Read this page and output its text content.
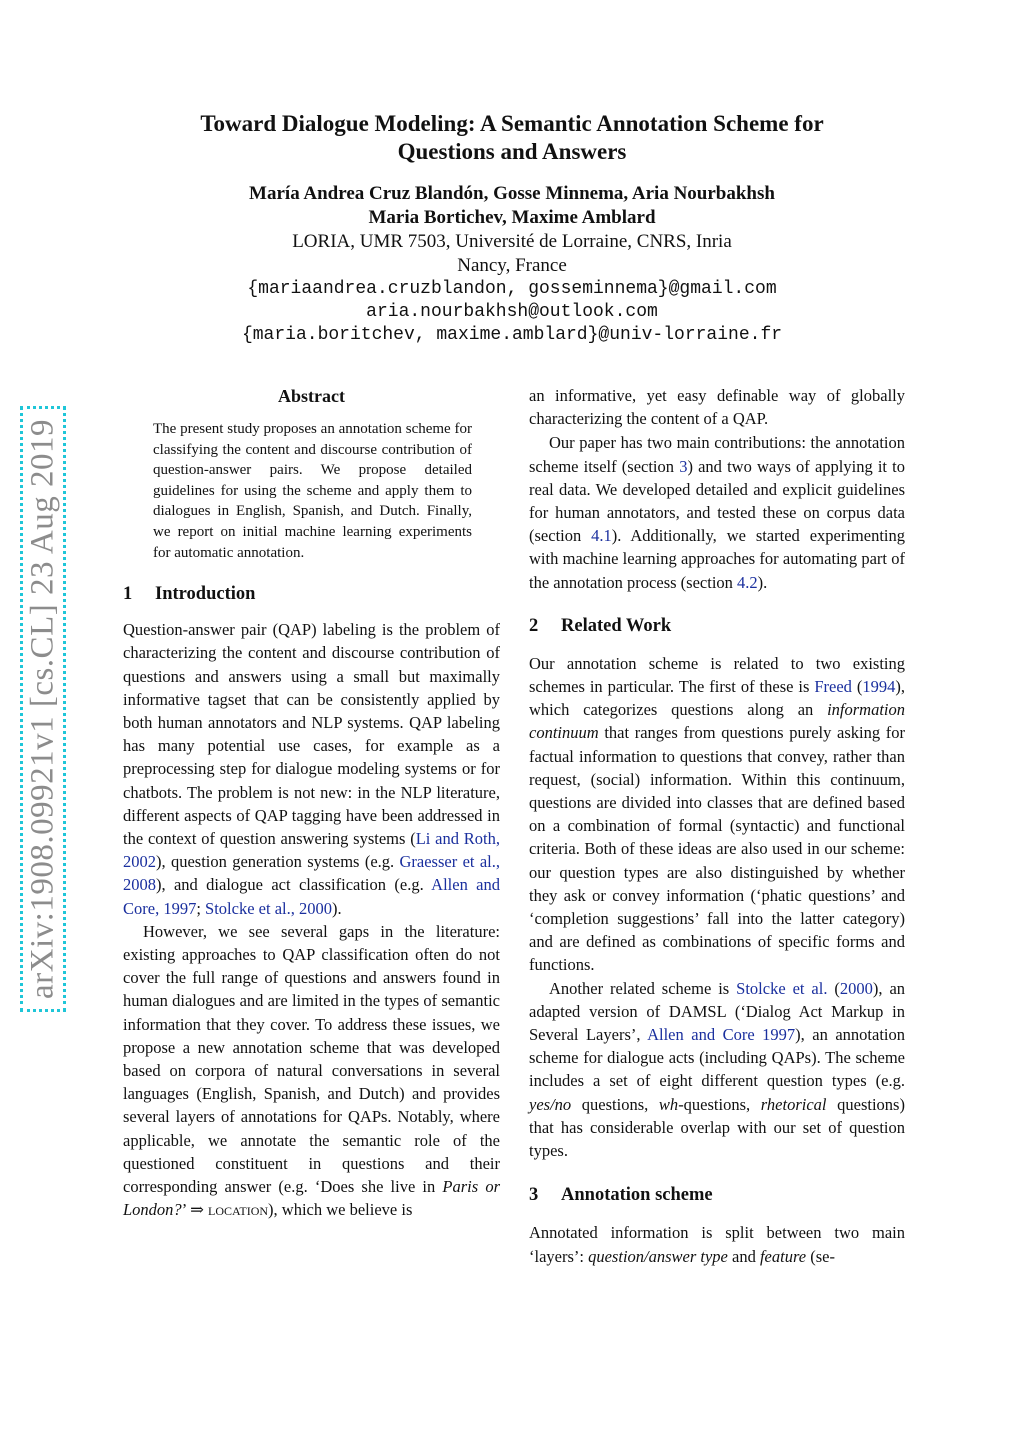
arXiv:1908.09921v1 [cs.CL] 23 Aug 2019
Toward Dialogue Modeling: A Semantic Annotation Scheme for
Questions and Answers
María Andrea Cruz Blandón, Gosse Minnema, Aria Nourbakhsh
Maria Bortichev, Maxime Amblard
LORIA, UMR 7503, Université de Lorraine, CNRS, Inria
Nancy, France
{mariaandrea.cruzblandon, gosseminnema}@gmail.com
aria.nourbakhsh@outlook.com
{maria.boritchev, maxime.amblard}@univ-lorraine.fr
Abstract

The present study proposes an annotation scheme for classifying the content and discourse contribution of question-answer pairs. We propose detailed guidelines for using the scheme and apply them to dialogues in English, Spanish, and Dutch. Finally, we report on initial machine learning experiments for automatic annotation.

1 Introduction

Question-answer pair (QAP) labeling is the problem of characterizing the content and discourse contribution of questions and answers using a small but maximally informative tagset that can be consistently applied by both human annotators and NLP systems. QAP labeling has many potential use cases, for example as a preprocessing step for dialogue modeling systems or for chatbots. The problem is not new: in the NLP literature, different aspects of QAP tagging have been addressed in the context of question answering systems (Li and Roth, 2002), question generation systems (e.g. Graesser et al., 2008), and dialogue act classification (e.g. Allen and Core, 1997; Stolcke et al., 2000).

However, we see several gaps in the literature: existing approaches to QAP classification often do not cover the full range of questions and answers found in human dialogues and are limited in the types of semantic information that they cover. To address these issues, we propose a new annotation scheme that was developed based on corpora of natural conversations in several languages (English, Spanish, and Dutch) and provides several layers of annotations for QAPs. Notably, where applicable, we annotate the semantic role of the questioned constituent in questions and their corresponding answer (e.g. ‘Does she live in Paris or London?’ ⇒ location), which we believe is

an informative, yet easy definable way of globally characterizing the content of a QAP.

Our paper has two main contributions: the annotation scheme itself (section 3) and two ways of applying it to real data. We developed detailed and explicit guidelines for human annotators, and tested these on corpus data (section 4.1). Additionally, we started experimenting with machine learning approaches for automating part of the annotation process (section 4.2).

2 Related Work

Our annotation scheme is related to two existing schemes in particular. The first of these is Freed (1994), which categorizes questions along an information continuum that ranges from questions purely asking for factual information to questions that convey, rather than request, (social) information. Within this continuum, questions are divided into classes that are defined based on a combination of formal (syntactic) and functional criteria. Both of these ideas are also used in our scheme: our question types are also distinguished by whether they ask or convey information (‘phatic questions’ and ‘completion suggestions’ fall into the latter category) and are defined as combinations of specific forms and functions.

Another related scheme is Stolcke et al. (2000), an adapted version of DAMSL (‘Dialog Act Markup in Several Layers’, Allen and Core 1997), an annotation scheme for dialogue acts (including QAPs). The scheme includes a set of eight different question types (e.g. yes/no questions, wh-questions, rhetorical questions) that has considerable overlap with our set of question types.

3 Annotation scheme

Annotated information is split between two main ‘layers’: question/answer type and feature (se-
